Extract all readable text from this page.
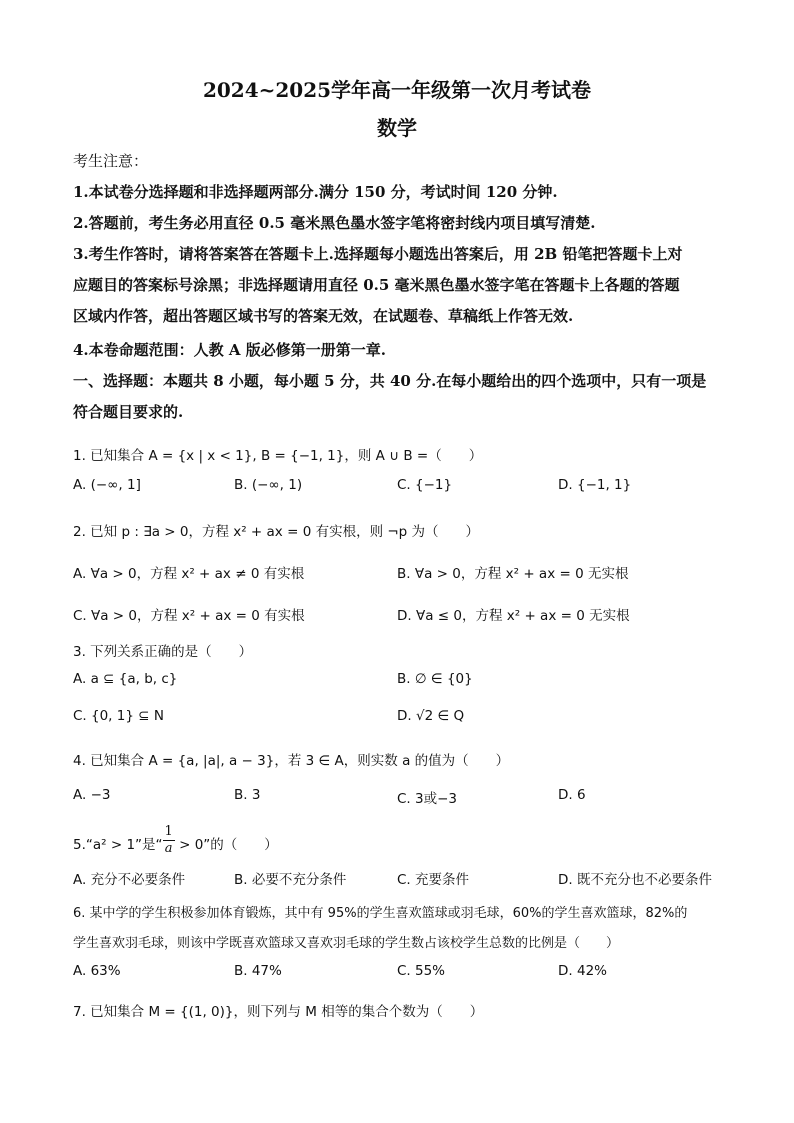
2024~2025学年高一年级第一次月考试卷
数学
考生注意：
1.本试卷分选择题和非选择题两部分.满分 150 分，考试时间 120 分钟.
2.答题前，考生务必用直径 0.5 毫米黑色墨水签字笔将密封线内项目填写清楚.
3.考生作答时，请将答案答在答题卡上.选择题每小题选出答案后，用 2B 铅笔把答题卡上对
应题目的答案标号涂黑；非选择题请用直径 0.5 毫米黑色墨水签字笔在答题卡上各题的答题
区域内作答，超出答题区域书写的答案无效，在试题卷、草稿纸上作答无效.
4.本卷命题范围：人教 A 版必修第一册第一章.
一、选择题：本题共 8 小题，每小题 5 分，共 40 分.在每小题给出的四个选项中，只有一项是
符合题目要求的.
1. 已知集合 A = {x | x < 1}, B = {−1, 1}，则 A ∪ B =（　　）
A. (−∞, 1]	B. (−∞, 1)	C. {−1}	D. {−1, 1}
2. 已知 p : ∃a > 0，方程 x² + ax = 0 有实根，则 ¬p 为（　　）
A. ∀a > 0，方程 x² + ax ≠ 0 有实根	B. ∀a > 0，方程 x² + ax = 0 无实根
C. ∀a > 0，方程 x² + ax = 0 有实根	D. ∀a ≤ 0，方程 x² + ax = 0 无实根
3. 下列关系正确的是（　　）
A. a ⊆ {a, b, c}	B. ∅ ∈ {0}
C. {0, 1} ⊆ N	D. √2 ∈ Q
4. 已知集合 A = {a, |a|, a − 3}，若 3 ∈ A，则实数 a 的值为（　　）
A. −3	B. 3	C. 3或−3	D. 6
5.“a² > 1”是“ $\frac{1}{a} > 0$”的（　　）
A. 充分不必要条件	B. 必要不充分条件	C. 充要条件	D. 既不充分也不必要条件
6. 某中学的学生积极参加体育锻炼，其中有 95%的学生喜欢篮球或羽毛球，60%的学生喜欢篮球，82%的
学生喜欢羽毛球，则该中学既喜欢篮球又喜欢羽毛球的学生数占该校学生总数的比例是（　　）
A. 63%	B. 47%	C. 55%	D. 42%
7. 已知集合 M = {(1, 0)}，则下列与 M 相等的集合个数为（　　）
